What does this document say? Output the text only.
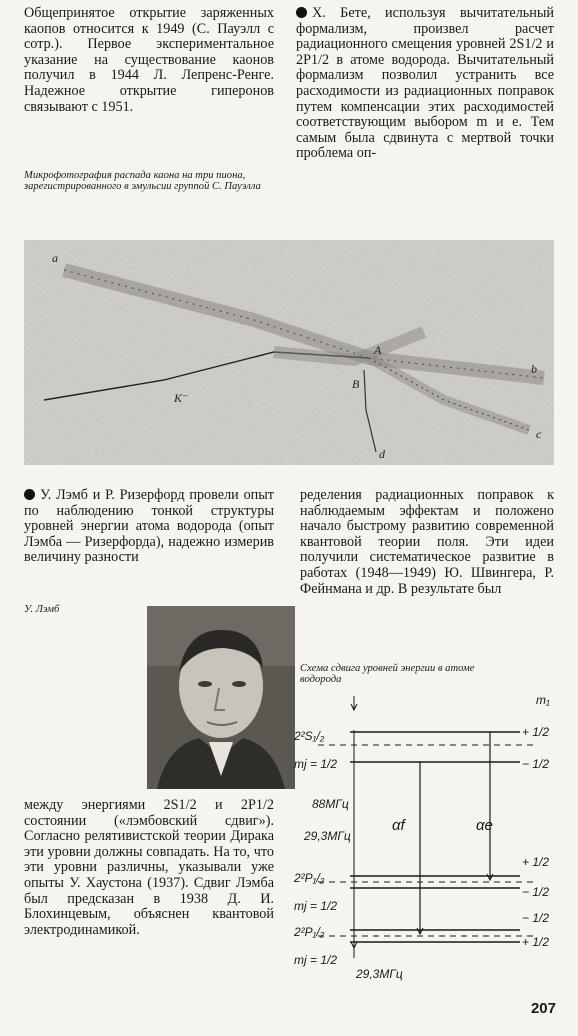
Общепринятое открытие заряженных каопов относится к 1949 (С. Пауэлл с сотр.). Первое экспериментальное указание на существование каонов получил в 1944 Л. Лепренс-Ренге. Надежное открытие гиперонов связывают с 1951.

Микрофотография распада каона на три пиона, зарегистрированного в эмульсии группой С. Пауэлла

Х. Бете, используя вычитательный формализм, произвел расчет радиационного смещения уровней 2S1/2 и 2P1/2 в атоме водорода. Вычитательный формализм позволил устранить все расходимости из радиационных поправок путем компенсации этих расходимостей соответствующим выбором m и e. Тем самым была сдвинута с мертвой точки проблема оп-

a
b
c
d
A
B
K⁻

У. Лэмб и Р. Ризерфорд провели опыт по наблюдению тонкой структуры уровней энергии атома водорода (опыт Лэмба — Ризерфорда), надежно измерив величину разности

У. Лэмб

между энергиями 2S1/2 и 2P1/2 состоянии («лэмбовский сдвиг»). Согласно релятивистской теории Дирака эти уровни должны совпадать. На то, что эти уровни различны, указывали уже опыты У. Хаустона (1937). Сдвиг Лэмба был предсказан в 1938 Д. И. Блохинцевым, объяснен квантовой электродинамикой.

ределения радиационных поправок к наблюдаемым эффектам и положено начало быстрому развитию современной квантовой теории поля. Эти идеи получили систематическое развитие в работах (1948—1949) Ю. Швингера, Р. Фейнмана и др. В результате был

Схема сдвига уровней энергии в атоме водорода

m₁
2²S₁/₂
mj = 1/2
+ 1/2
− 1/2
88МГц
29,3МГц
αf	αe
+ 1/2
2²P₁/₂
− 1/2
mj = 1/2
− 1/2
2²P₁/₂
+ 1/2
mj = 1/2
29,3МГц
207
